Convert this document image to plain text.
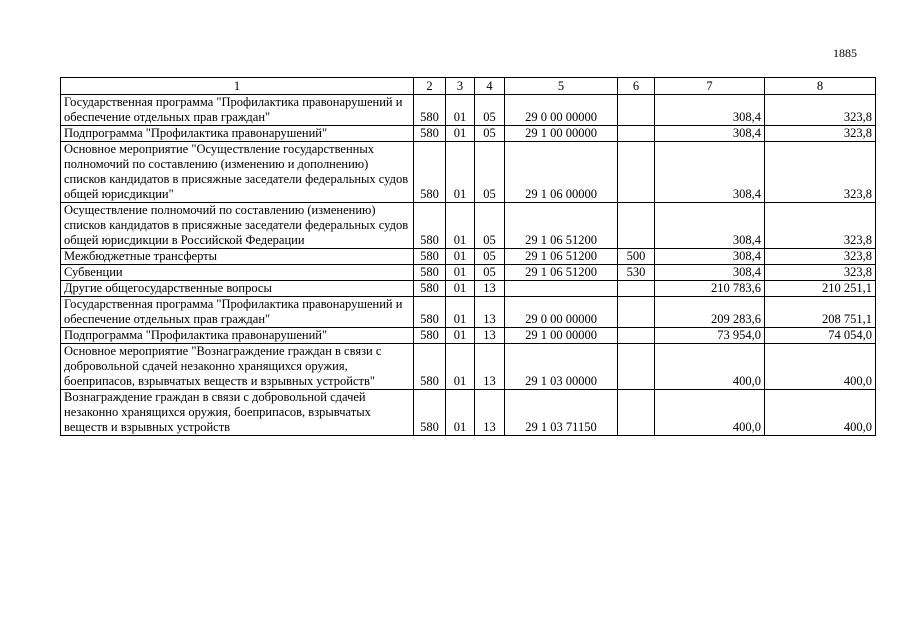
1885
1	2	3	4	5	6	7	8
Государственная программа "Профилактика правонарушений и обеспечение отдельных прав граждан"	580	01	05	29 0 00 00000		308,4	323,8
Подпрограмма "Профилактика правонарушений"	580	01	05	29 1 00 00000		308,4	323,8
Основное мероприятие "Осуществление государственных полномочий по составлению (изменению и дополнению) списков кандидатов в присяжные заседатели федеральных судов общей юрисдикции"	580	01	05	29 1 06 00000		308,4	323,8
Осуществление полномочий по составлению (изменению) списков кандидатов в присяжные заседатели федеральных судов общей юрисдикции в Российской Федерации	580	01	05	29 1 06 51200		308,4	323,8
Межбюджетные трансферты	580	01	05	29 1 06 51200	500	308,4	323,8
Субвенции	580	01	05	29 1 06 51200	530	308,4	323,8
Другие общегосударственные вопросы	580	01	13			210 783,6	210 251,1
Государственная программа "Профилактика правонарушений и обеспечение отдельных прав граждан"	580	01	13	29 0 00 00000		209 283,6	208 751,1
Подпрограмма "Профилактика правонарушений"	580	01	13	29 1 00 00000		73 954,0	74 054,0
Основное мероприятие "Вознаграждение граждан в связи с добровольной сдачей незаконно хранящихся оружия, боеприпасов, взрывчатых веществ и взрывных устройств"	580	01	13	29 1 03 00000		400,0	400,0
Вознаграждение граждан в связи с добровольной сдачей незаконно хранящихся оружия, боеприпасов, взрывчатых веществ и взрывных устройств	580	01	13	29 1 03 71150		400,0	400,0
